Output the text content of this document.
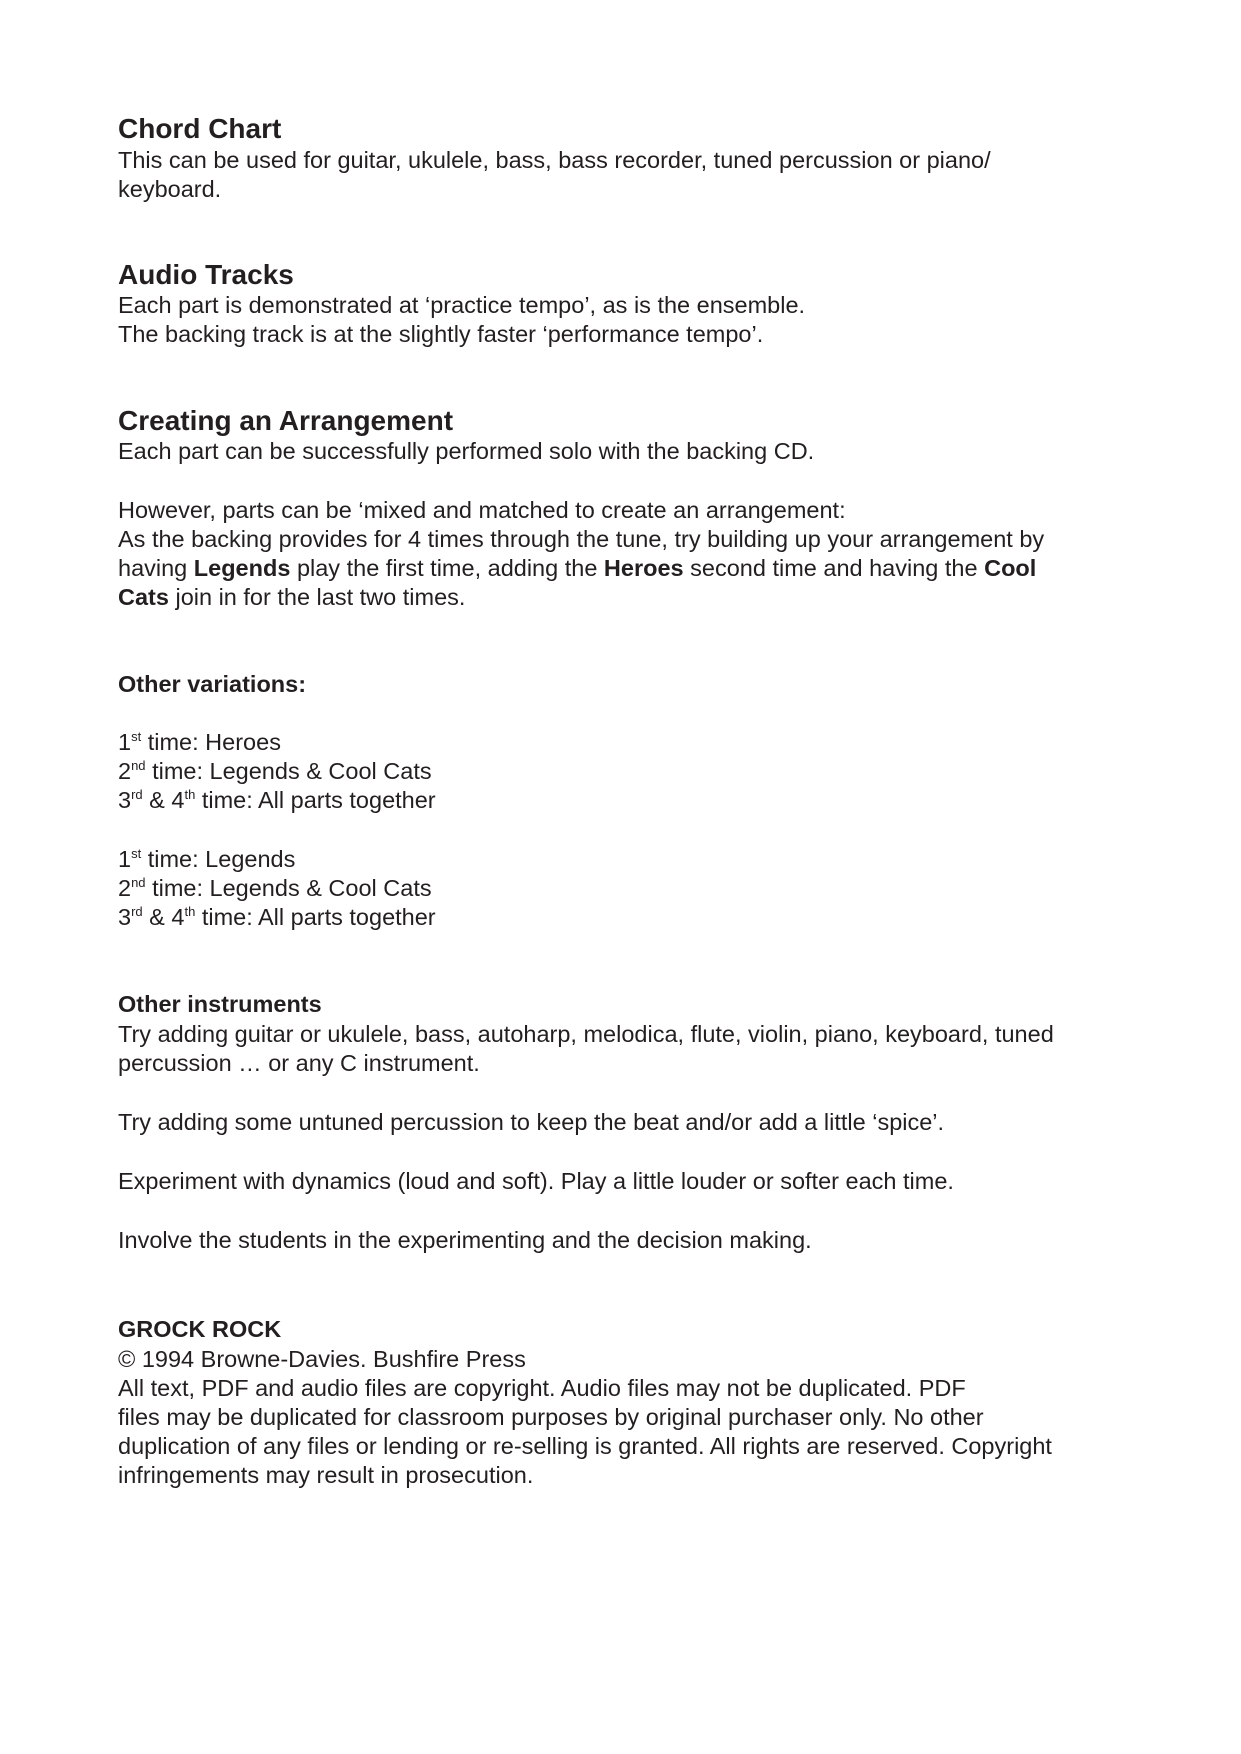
Chord Chart
This can be used for guitar, ukulele, bass, bass recorder, tuned percussion or piano/
keyboard.
Audio Tracks
Each part is demonstrated at ‘practice tempo’, as is the ensemble.
The backing track is at the slightly faster ‘performance tempo’.
Creating an Arrangement
Each part can be successfully performed solo with the backing CD.
However, parts can be ‘mixed and matched to create an arrangement:
As the backing provides for 4 times through the tune, try building up your arrangement by
having Legends play the first time, adding the Heroes second time and having the Cool
Cats join in for the last two times.
Other variations:
1st time: Heroes
2nd time: Legends & Cool Cats
3rd & 4th time: All parts together
1st time: Legends
2nd time: Legends & Cool Cats
3rd & 4th time: All parts together
Other instruments
Try adding guitar or ukulele, bass, autoharp, melodica, flute, violin, piano, keyboard, tuned
percussion … or any C instrument.
Try adding some untuned percussion to keep the beat and/or add a little ‘spice’.
Experiment with dynamics (loud and soft). Play a little louder or softer each time.
Involve the students in the experimenting and the decision making.
GROCK ROCK
© 1994 Browne-Davies. Bushfire Press
All text, PDF and audio files are copyright. Audio files may not be duplicated. PDF
files may be duplicated for classroom purposes by original purchaser only. No other
duplication of any files or lending or re-selling is granted. All rights are reserved. Copyright
infringements may result in prosecution.
